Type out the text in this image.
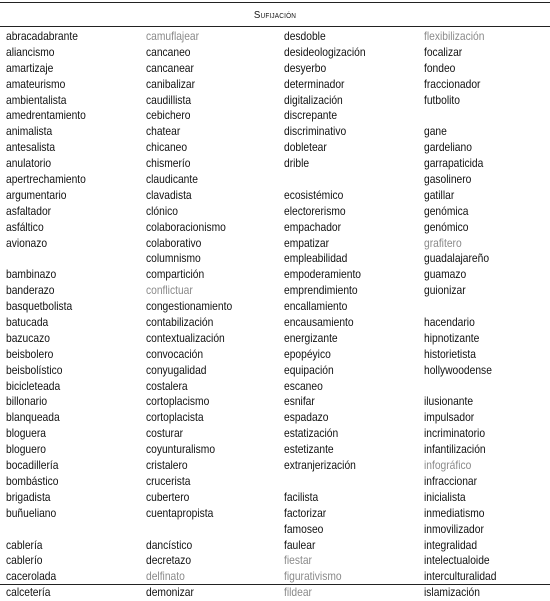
Sufijación
abracadabrante
aliancismo
amartizaje
amateurismo
ambientalista
amedrentamiento
animalista
antesalista
anulatorio
apertrechamiento
argumentario
asfaltador
asfáltico
avionazo
bambinazo
banderazo
basquetbolista
batucada
bazucazo
beisbolero
beisbolístico
bicicleteada
billonario
blanqueada
bloguera
bloguero
bocadillería
bombástico
brigadista
buñueliano
cablería
cablerío
cacerolada
calcetería
camuflajear
cancaneo
cancanear
canibalizar
caudillista
cebichero
chatear
chicaneo
chismerío
claudicante
clavadista
clónico
colaboracionismo
colaborativo
columnismo
compartición
conflictuar
congestionamiento
contabilización
contextualización
convocación
conyugalidad
costalera
cortoplacismo
cortoplacista
costurar
coyunturalismo
cristalero
crucerista
cubertero
cuentapropista
dancístico
decretazo
delfinato
demonizar
desdoble
desideologización
desyerbo
determinador
digitalización
discrepante
discriminativo
dobletear
drible
ecosistémico
electorerismo
empachador
empatizar
empleabilidad
empoderamiento
emprendimiento
encallamiento
encausamiento
energizante
epopéyico
equipación
escaneo
esnifar
espadazo
estatización
estetizante
extranjerización
facilista
factorizar
famoseo
faulear
fiestar
figurativismo
fildear
flexibilización
focalizar
fondeo
fraccionador
futbolito
gane
gardeliano
garrapaticida
gasolinero
gatillar
genómica
genómico
grafitero
guadalajareño
guamazo
guionizar
hacendario
hipnotizante
historietista
hollywoodense
ilusionante
impulsador
incriminatorio
infantilización
infográfico
infraccionar
inicialista
inmediatismo
inmovilizador
integralidad
intelectualoide
interculturalidad
islamización
